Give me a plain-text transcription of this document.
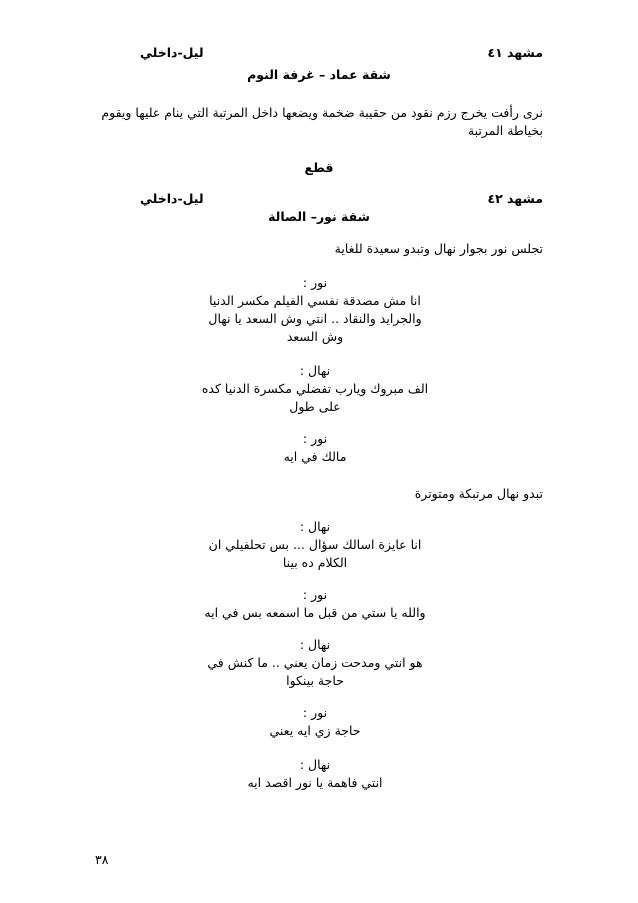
مشهد ٤١
ليل-داخلي
شقة عماد – غرفة النوم
نرى رأفت يخرج رزم نقود من حقيبة ضخمة ويضعها داخل المرتبة التي ينام عليها ويقوم بخياطة المرتبة
قطع
مشهد ٤٢
ليل-داخلي
شقة نور– الصالة
تجلس نور بجوار نهال وتبدو سعيدة للغاية
نور :
انا مش مصدقة نفسي الفيلم مكسر الدنيا
والجرايد والنقاد .. انتي وش السعد يا نهال
وش السعد
نهال :
الف مبروك ويارب تفضلي مكسرة الدنيا كده
على طول
نور :
مالك في ايه
تبدو نهال مرتبكة ومتوترة
نهال :
انا عايزة اسالك سؤال ... بس تحلفيلي ان
الكلام ده بينا
نور :
والله يا ستي من قبل ما اسمعه بس في ايه
نهال :
هو انتي ومدحت زمان يعني .. ما كنش في
حاجة بينكوا
نور :
حاجة زي ايه يعني
نهال :
انتي فاهمة يا نور اقصد ايه
٣٨
